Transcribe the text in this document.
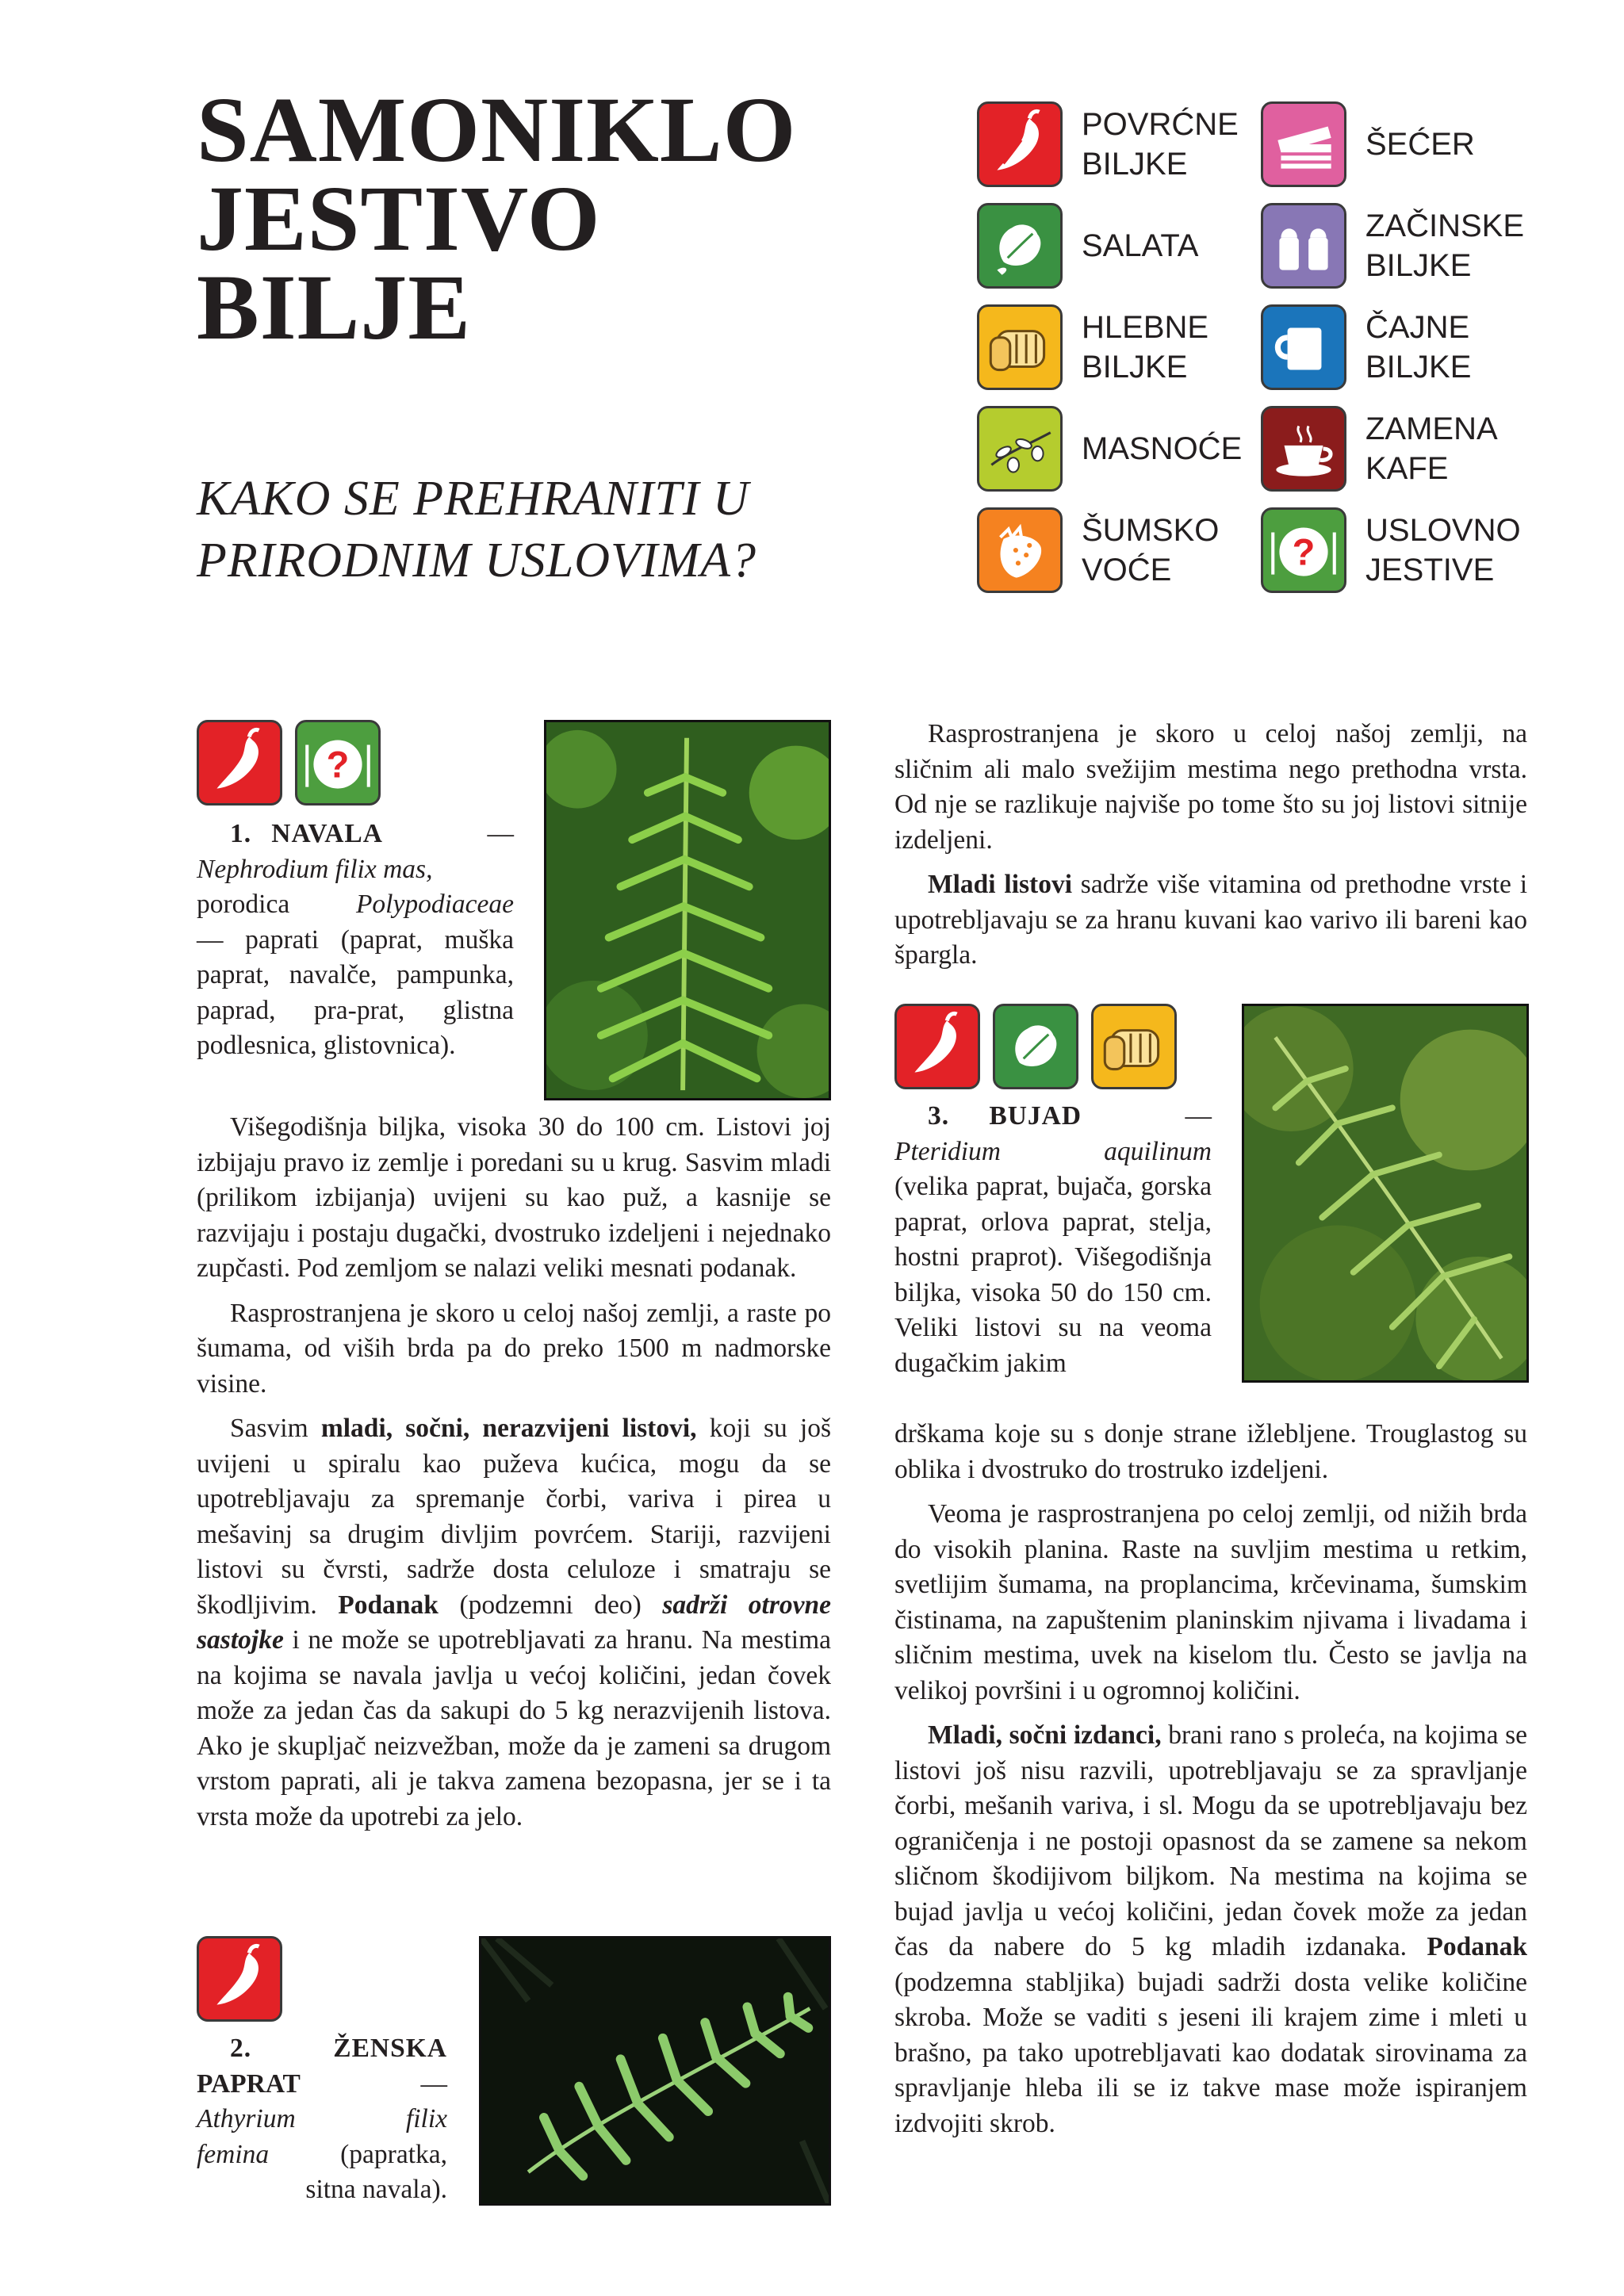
SAMONIKLO
JESTIVO
BILJE
KAKO SE PREHRANITI U
PRIRODNIM USLOVIMA?
POVRĆNE
BILJKE
ŠEĆER
SALATA
ZAČINSKE
BILJKE
HLEBNE
BILJKE
ČAJNE
BILJKE
MASNOĆE
ZAMENA
KAFE
ŠUMSKO
VOĆE	?
USLOVNO
JESTIVE
?
1. NAVALA	—
Nephrodium filix mas,
porodica Polypodiaceae
— paprati (paprat, muška paprat, navalče, pampunka, paprad, pra-prat, glistna podlesnica, glistovnica).

Višegodišnja biljka, visoka 30 do 100 cm. Listovi joj izbijaju pravo iz zemlje i poredani su u krug. Sasvim mladi (prilikom izbijanja) uvijeni su kao puž, a kasnije se razvijaju i postaju dugački, dvostruko izdeljeni i nejednako zupčasti. Pod zemljom se nalazi veliki mesnati podanak.

Rasprostranjena je skoro u celoj našoj zemlji, a raste po šumama, od viših brda pa do preko 1500 m nadmorske visine.

Sasvim mladi, sočni, nerazvijeni listovi, koji su još uvijeni u spiralu kao puževa kućica, mogu da se upotrebljavaju za spremanje čorbi, variva i pirea u mešavinj sa drugim divljim povrćem. Stariji, razvijeni listovi su čvrsti, sadrže dosta celuloze i smatraju se škodljivim. Podanak (podzemni deo) sadrži otrovne sastojke i ne može se upotrebljavati za hranu. Na mestima na kojima se navala javlja u većoj količini, jedan čovek može za jedan čas da sakupi do 5 kg nerazvijenih listova. Ako je skupljač neizvežban, može da je zameni sa drugom vrstom paprati, ali je takva zamena bezopasna, jer se i ta vrsta može da upotrebi za jelo.

2.	ŽENSKA
PAPRAT	—
Athyrium	filix
femina	(papratka, sitna navala).

Rasprostranjena je skoro u celoj našoj zemlji, na sličnim ali malo svežijim mestima nego prethodna vrsta. Od nje se razlikuje najviše po tome što su joj listovi sitnije izdeljeni.

Mladi listovi sadrže više vitamina od prethodne vrste i upotrebljavaju se za hranu kuvani kao varivo ili bareni kao špargla.

3. BUJAD	—
Pteridium aquilinum
(velika paprat, bujača, gorska paprat, orlova paprat, stelja, hostni praprot). Višegodišnja biljka, visoka 50 do 150 cm. Veliki listovi su na veoma dugačkim jakim

drškama koje su s donje strane ižlebljene. Trouglastog su oblika i dvostruko do trostruko izdeljeni.

Veoma je rasprostranjena po celoj zemlji, od nižih brda do visokih planina. Raste na suvljim mestima u retkim, svetlijim šumama, na proplancima, krčevinama, šumskim čistinama, na zapuštenim planinskim njivama i livadama i sličnim mestima, uvek na kiselom tlu. Često se javlja na velikoj površini i u ogromnoj količini.

Mladi, sočni izdanci, brani rano s proleća, na kojima se listovi još nisu razvili, upotrebljavaju se za spravljanje čorbi, mešanih variva, i sl. Mogu da se upotrebljavaju bez ograničenja i ne postoji opasnost da se zamene sa nekom sličnom škodijivom biljkom. Na mestima na kojima se bujad javlja u većoj količini, jedan čovek može za jedan čas da nabere do 5 kg mladih izdanaka. Podanak (podzemna stabljika) bujadi sadrži dosta velike količine skroba. Može se vaditi s jeseni ili krajem zime i mleti u brašno, pa tako upotrebljavati kao dodatak sirovinama za spravljanje hleba ili se iz takve mase može ispiranjem izdvojiti skrob.
